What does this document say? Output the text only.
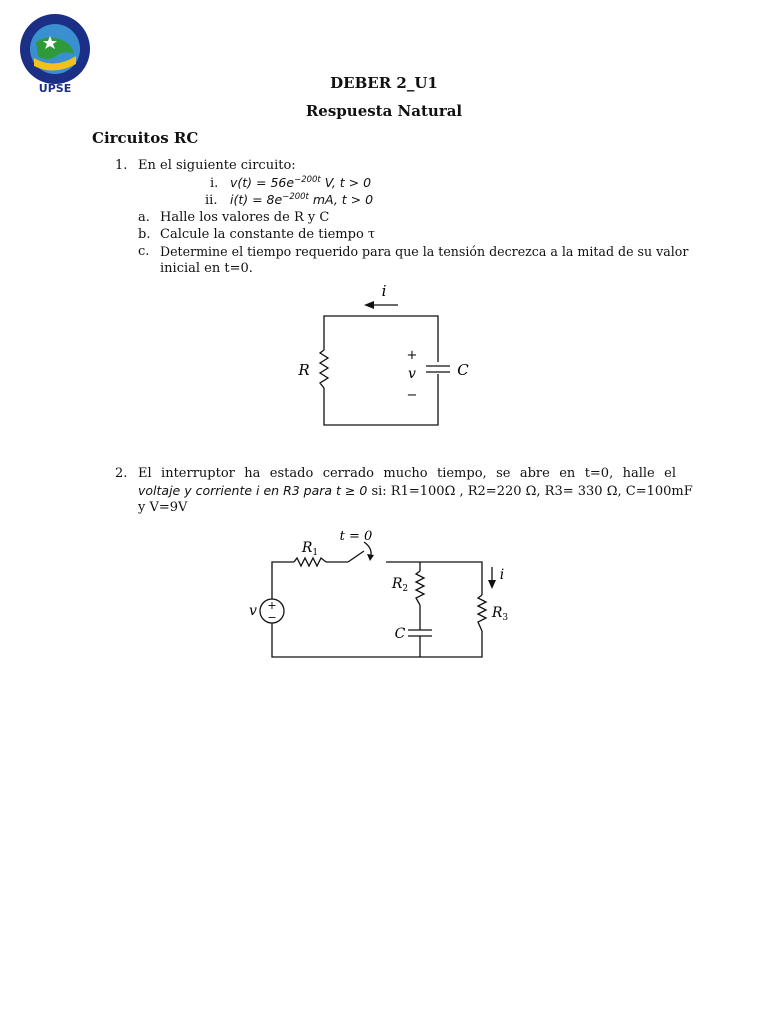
UPSE	DEBER 2_U1
Respuesta Natural
Circuitos RC
1. En el siguiente circuito:
i. $v(t) = 56e^{-200t}$ V, t > 0
ii. $i(t) = 8e^{-200t}$ mA, t > 0
a. Halle los valores de R y C
b. Calcule la constante de tiempo τ
c. Determine el tiempo requerido para que la tensión decrezca a la mitad de su valor
inicial en t=0.
i
R
+
v
−
C
2. El interruptor ha estado cerrado mucho tiempo, se abre en t=0, halle el
voltaje y corriente i en R3 para t ≥ 0 si: R1=100Ω , R2=220 Ω, R3= 330 Ω, C=100mF
y V=9V
+
−
v
$R_1$
t = 0
$R_2$
C
$R_3$
i
